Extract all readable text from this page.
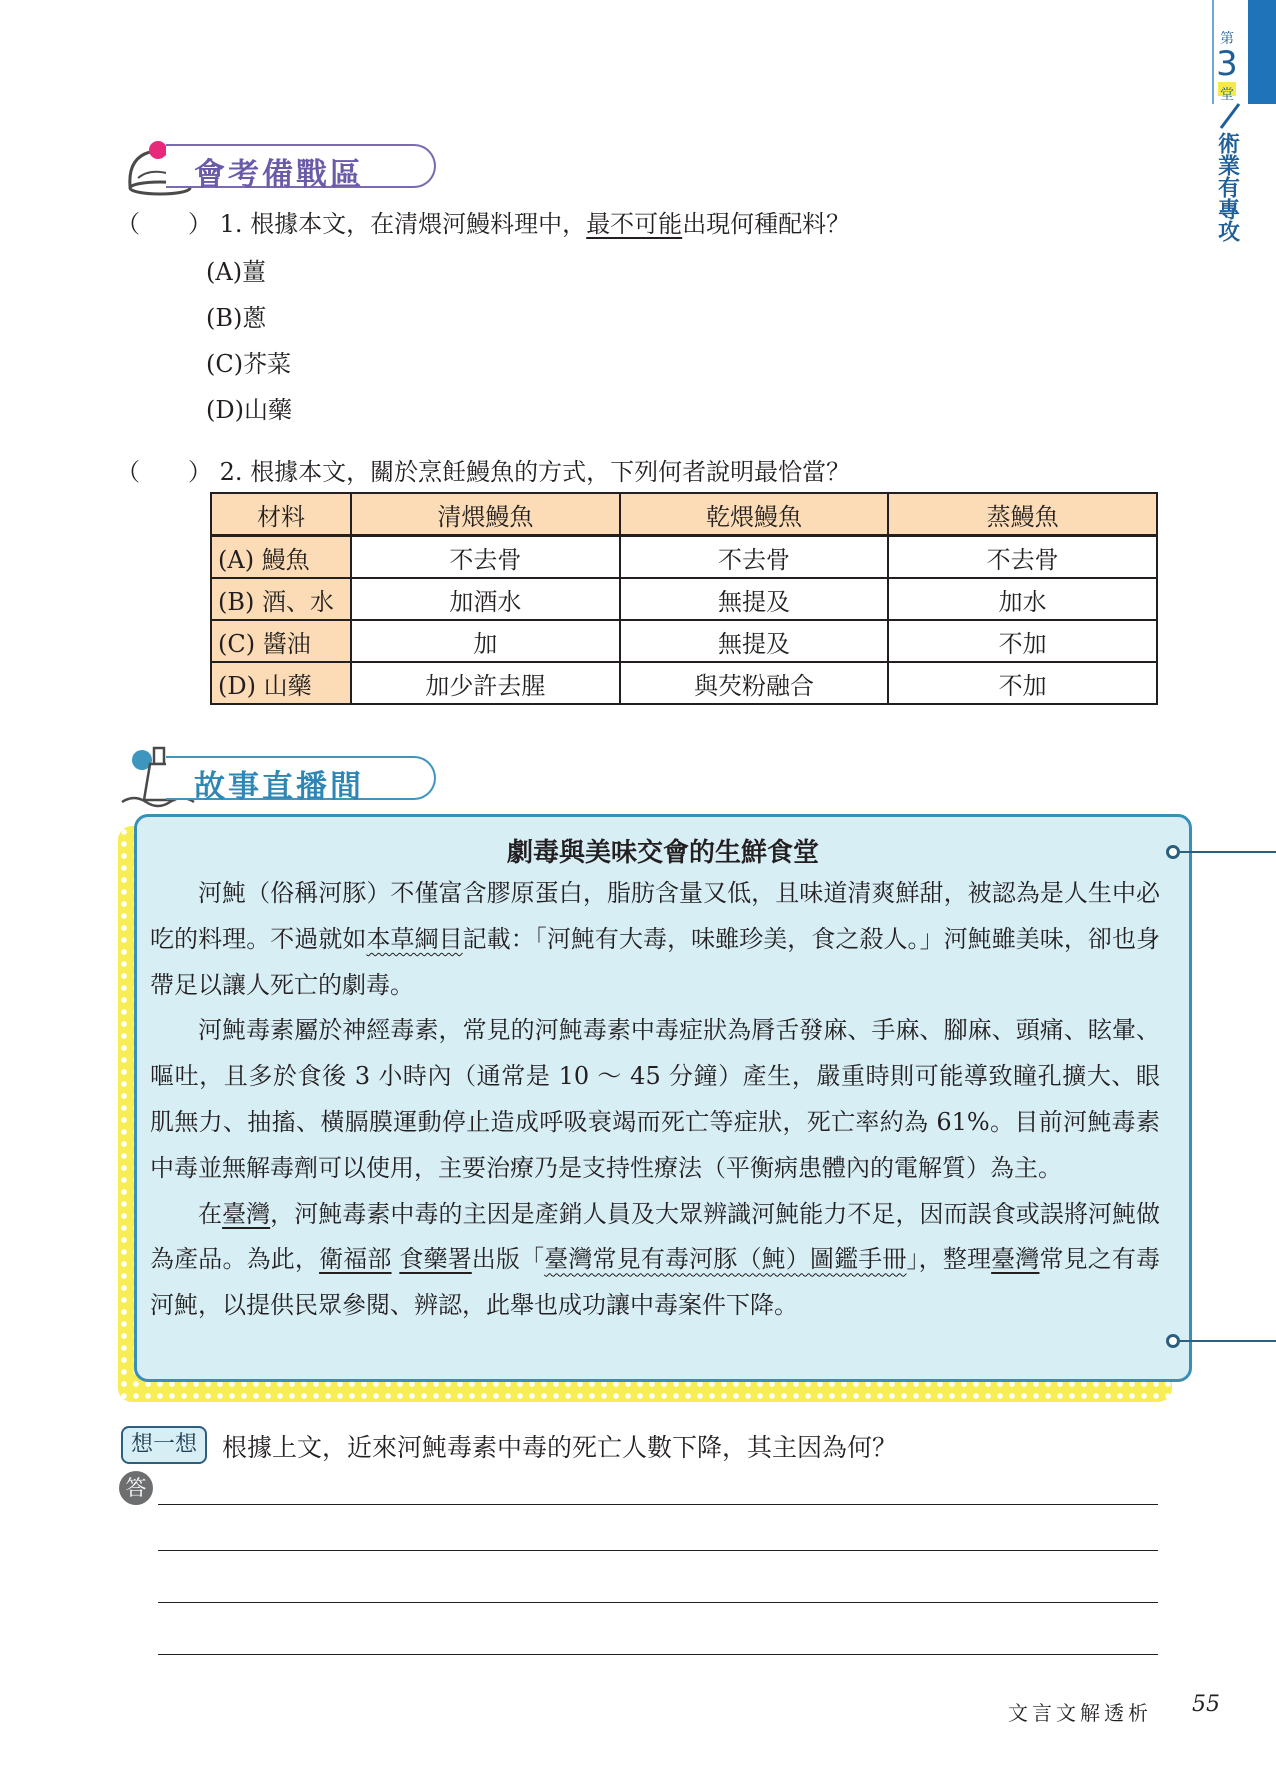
第
3
堂
術業有專攻
會考備戰區
（　　） 1. 根據本文，在清煨河鰻料理中，最不可能出現何種配料？
(A)薑
(B)蔥
(C)芥菜
(D)山藥
（　　） 2. 根據本文，關於烹飪鰻魚的方式，下列何者說明最恰當？
材料	清煨鰻魚	乾煨鰻魚	蒸鰻魚
(A) 鰻魚	不去骨	不去骨	不去骨
(B) 酒、水	加酒水	無提及	加水
(C) 醬油	加	無提及	不加
(D) 山藥	加少許去腥	與芡粉融合	不加
故事直播間
劇毒與美味交會的生鮮食堂

河魨（俗稱河豚）不僅富含膠原蛋白，脂肪含量又低，且味道清爽鮮甜，被認為是人生中必吃的料理。不過就如本草綱目記載：「河魨有大毒，味雖珍美，食之殺人。」河魨雖美味，卻也身帶足以讓人死亡的劇毒。

河魨毒素屬於神經毒素，常見的河魨毒素中毒症狀為脣舌發麻、手麻、腳麻、頭痛、眩暈、嘔吐，且多於食後 3 小時內（通常是 10 ～ 45 分鐘）產生，嚴重時則可能導致瞳孔擴大、眼肌無力、抽搐、橫膈膜運動停止造成呼吸衰竭而死亡等症狀，死亡率約為 61%。目前河魨毒素中毒並無解毒劑可以使用，主要治療乃是支持性療法（平衡病患體內的電解質）為主。

在臺灣，河魨毒素中毒的主因是產銷人員及大眾辨識河魨能力不足，因而誤食或誤將河魨做為產品。為此，衛福部 食藥署出版「臺灣常見有毒河豚（魨）圖鑑手冊」，整理臺灣常見之有毒河魨，以提供民眾參閱、辨認，此舉也成功讓中毒案件下降。

想一想	根據上文，近來河魨毒素中毒的死亡人數下降，其主因為何？
答
文言文解透析 55
